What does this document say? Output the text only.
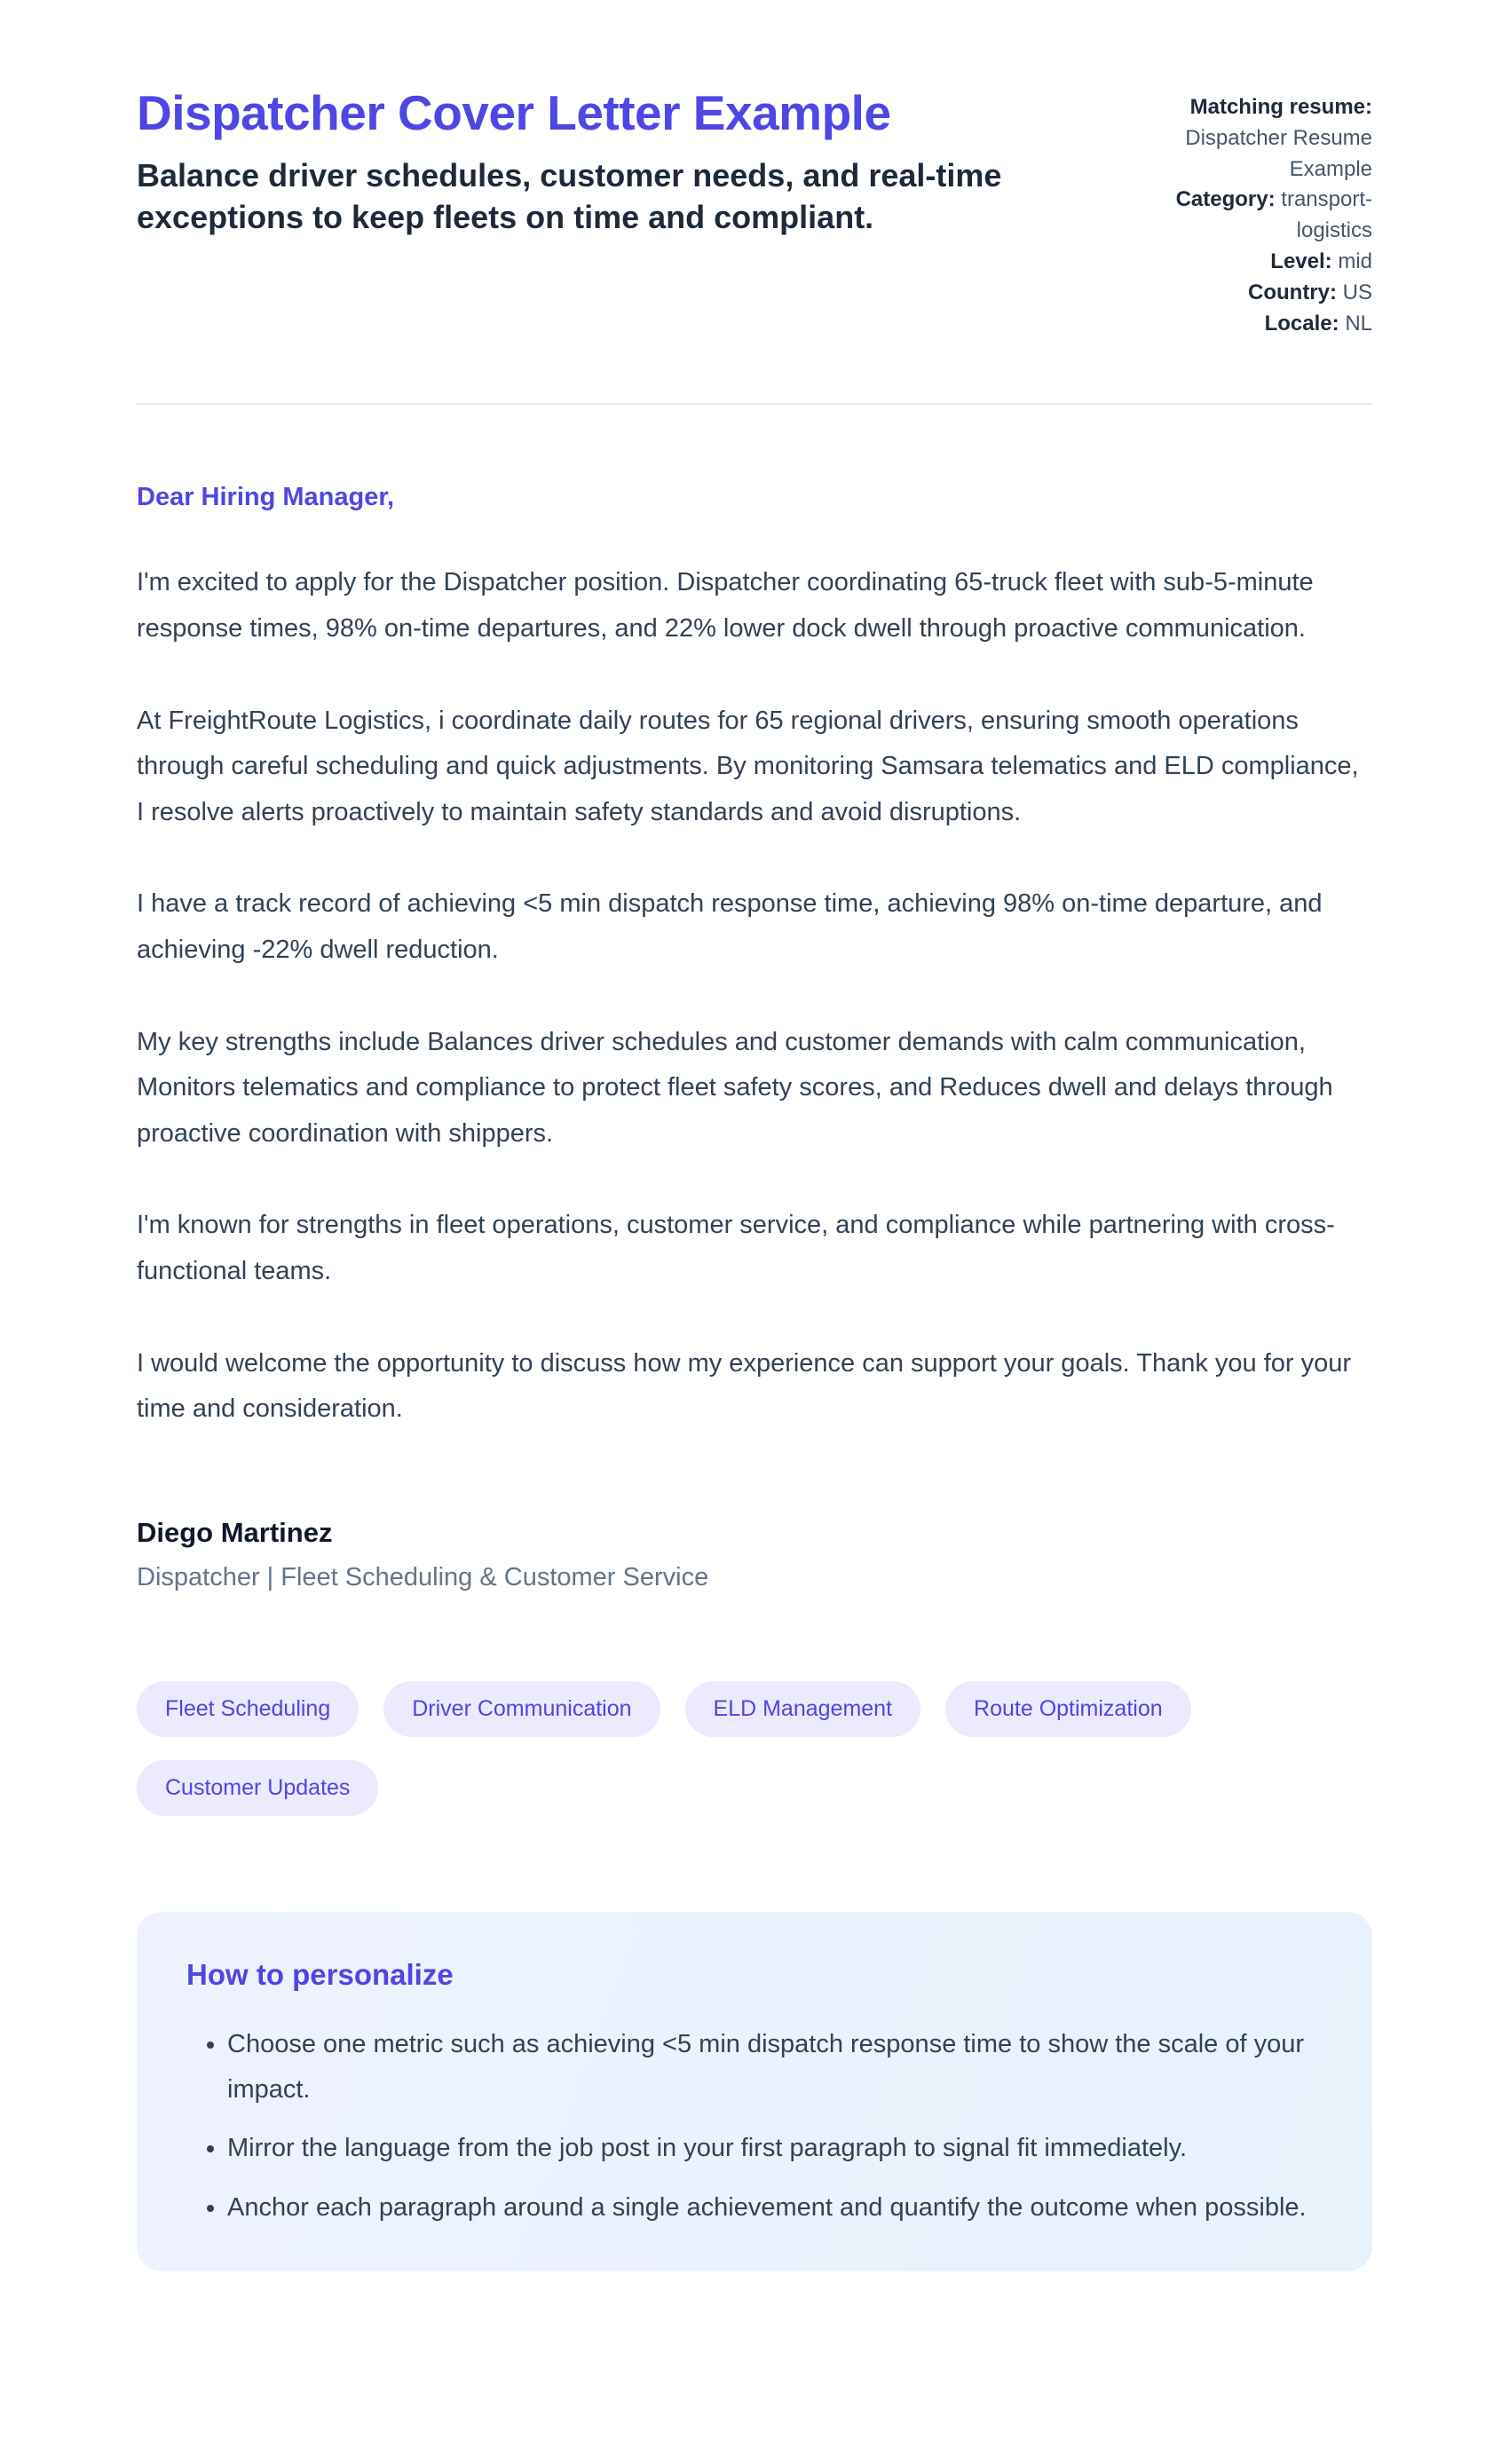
Dispatcher Cover Letter Example

Balance driver schedules, customer needs, and real-time exceptions to keep fleets on time and compliant.

Matching resume: Dispatcher Resume Example
Category: transport-logistics
Level: mid
Country: US
Locale: NL

Dear Hiring Manager,

I'm excited to apply for the Dispatcher position. Dispatcher coordinating 65-truck fleet with sub-5-minute response times, 98% on-time departures, and 22% lower dock dwell through proactive communication.

At FreightRoute Logistics, i coordinate daily routes for 65 regional drivers, ensuring smooth operations through careful scheduling and quick adjustments. By monitoring Samsara telematics and ELD compliance, I resolve alerts proactively to maintain safety standards and avoid disruptions.

I have a track record of achieving <5 min dispatch response time, achieving 98% on-time departure, and achieving -22% dwell reduction.

My key strengths include Balances driver schedules and customer demands with calm communication, Monitors telematics and compliance to protect fleet safety scores, and Reduces dwell and delays through proactive coordination with shippers.

I'm known for strengths in fleet operations, customer service, and compliance while partnering with cross-functional teams.

I would welcome the opportunity to discuss how my experience can support your goals. Thank you for your time and consideration.

Diego Martinez

Dispatcher | Fleet Scheduling & Customer Service

Fleet Scheduling	Driver Communication	ELD Management	Route Optimization
Customer Updates
How to personalize
• Choose one metric such as achieving <5 min dispatch response time to show the scale of your impact.
• Mirror the language from the job post in your first paragraph to signal fit immediately.
• Anchor each paragraph around a single achievement and quantify the outcome when possible.
